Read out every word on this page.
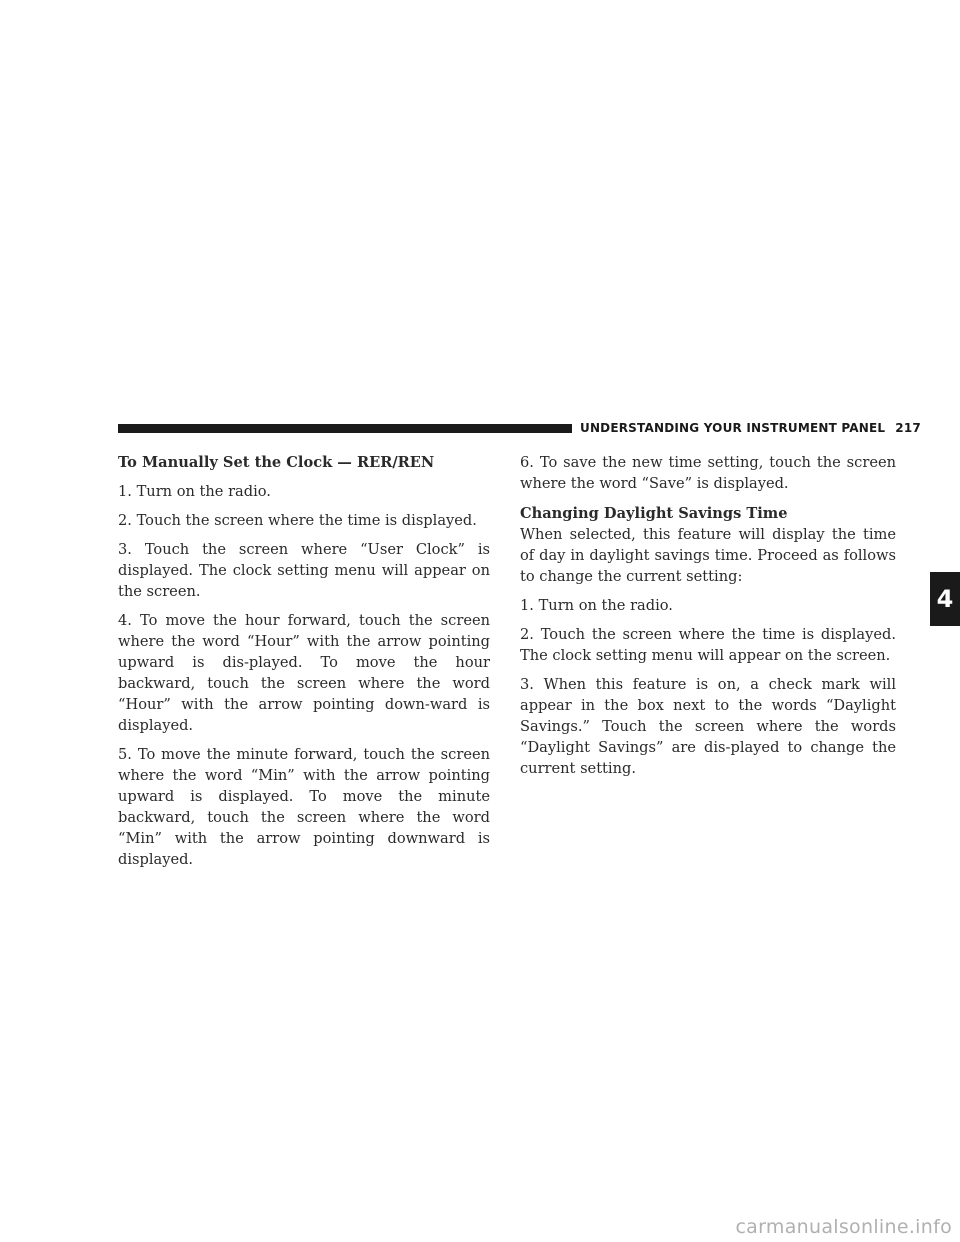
UNDERSTANDING YOUR INSTRUMENT PANEL 217
To Manually Set the Clock — RER/REN

1. Turn on the radio.

2. Touch the screen where the time is displayed.

3. Touch the screen where “User Clock” is displayed. The clock setting menu will appear on the screen.

4. To move the hour forward, touch the screen where the word “Hour” with the arrow pointing upward is dis-played. To move the hour backward, touch the screen where the word “Hour” with the arrow pointing down-ward is displayed.

5. To move the minute forward, touch the screen where the word “Min” with the arrow pointing upward is displayed. To move the minute backward, touch the screen where the word “Min” with the arrow pointing downward is displayed.

6. To save the new time setting, touch the screen where the word “Save” is displayed.

Changing Daylight Savings Time

When selected, this feature will display the time of day in daylight savings time. Proceed as follows to change the current setting:

1. Turn on the radio.

2. Touch the screen where the time is displayed. The clock setting menu will appear on the screen.

3. When this feature is on, a check mark will appear in the box next to the words “Daylight Savings.” Touch the screen where the words “Daylight Savings” are dis-played to change the current setting.

4
carmanualsonline.info
